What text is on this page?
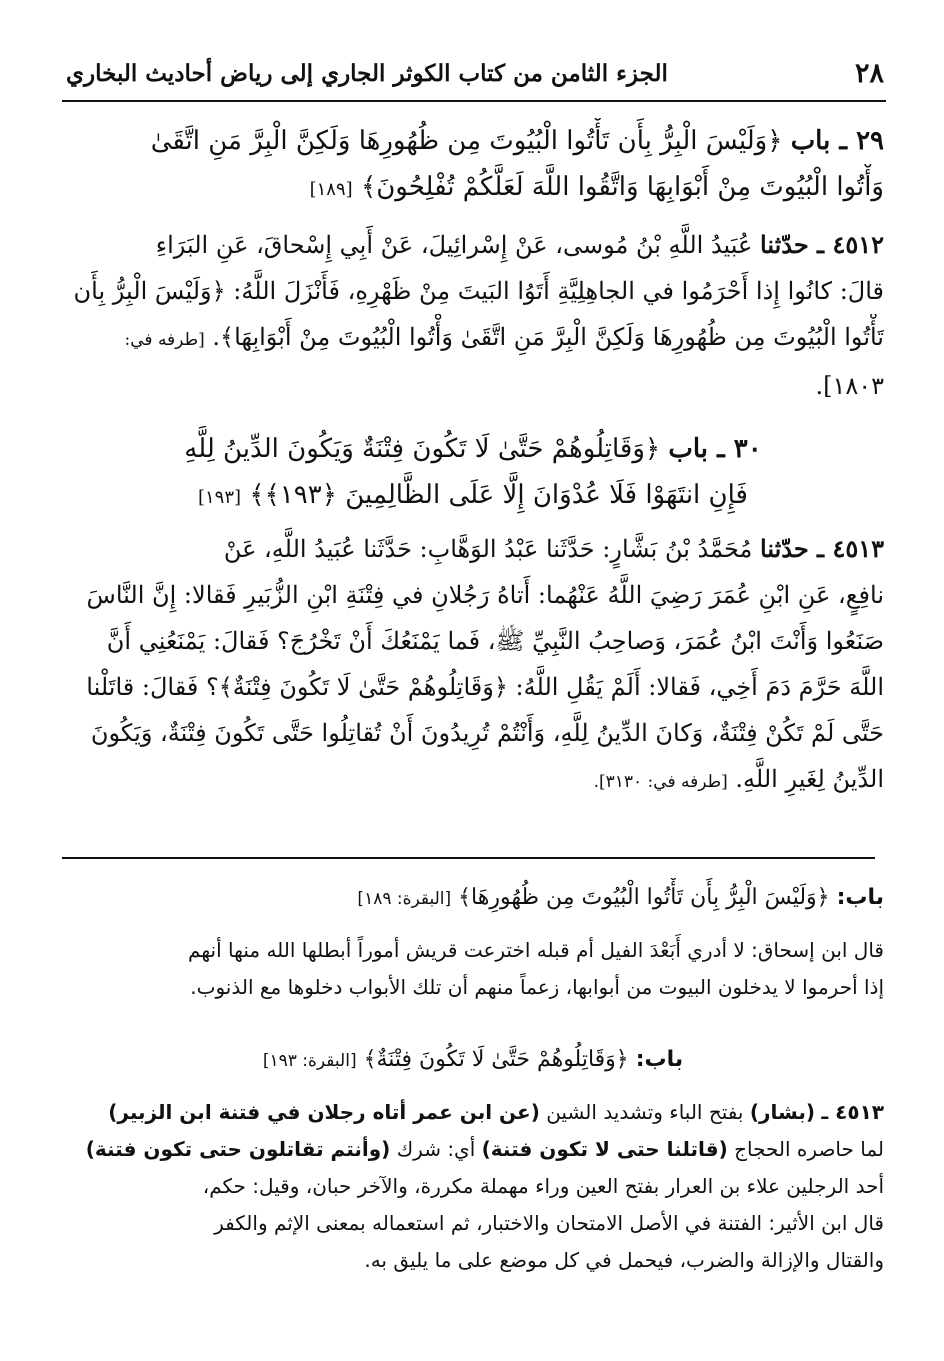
٢٨
الجزء الثامن من كتاب الكوثر الجاري إلى رياض أحاديث البخاري
٢٩ ـ باب ﴿وَلَيْسَ الْبِرُّ بِأَن تَأْتُوا الْبُيُوتَ مِن ظُهُورِهَا وَلَكِنَّ الْبِرَّ مَنِ اتَّقَىٰ
وَأْتُوا الْبُيُوتَ مِنْ أَبْوَابِهَا وَاتَّقُوا اللَّهَ لَعَلَّكُمْ تُفْلِحُونَ﴾ [١٨٩]
٤٥١٢ ـ حدّثنا عُبَيدُ اللَّهِ بْنُ مُوسى، عَنْ إِسْرائِيلَ، عَنْ أَبِي إِسْحاقَ، عَنِ البَرَاءِ
قالَ: كانُوا إِذا أَحْرَمُوا في الجاهِلِيَّةِ أَتَوُا البَيتَ مِنْ ظَهْرِهِ، فَأَنْزَلَ اللَّهُ: ﴿وَلَيْسَ الْبِرُّ بِأَن
تَأْتُوا الْبُيُوتَ مِن ظُهُورِهَا وَلَكِنَّ الْبِرَّ مَنِ اتَّقَىٰ وَأْتُوا الْبُيُوتَ مِنْ أَبْوَابِهَا﴾. [طرفه في:
١٨٠٣].
٣٠ ـ باب ﴿وَقَاتِلُوهُمْ حَتَّىٰ لَا تَكُونَ فِتْنَةٌ وَيَكُونَ الدِّينُ لِلَّهِ
فَإِنِ انتَهَوْا فَلَا عُدْوَانَ إِلَّا عَلَى الظَّالِمِينَ ﴿١٩٣﴾﴾ [١٩٣]
٤٥١٣ ـ حدّثنا مُحَمَّدُ بْنُ بَشَّارٍ: حَدَّثَنا عَبْدُ الوَهَّابِ: حَدَّثَنا عُبَيدُ اللَّهِ، عَنْ
نافِعٍ، عَنِ ابْنِ عُمَرَ رَضِيَ اللَّهُ عَنْهُما: أَتاهُ رَجُلانِ في فِتْنَةِ ابْنِ الزُّبَيرِ فَقالا: إِنَّ النَّاسَ
صَنَعُوا وَأَنْتَ ابْنُ عُمَرَ، وَصاحِبُ النَّبِيِّ ﷺ، فَما يَمْنَعُكَ أَنْ تَخْرُجَ؟ فَقالَ: يَمْنَعُنِي أَنَّ
اللَّهَ حَرَّمَ دَمَ أَخِي، فَقالا: أَلَمْ يَقُلِ اللَّهُ: ﴿وَقَاتِلُوهُمْ حَتَّىٰ لَا تَكُونَ فِتْنَةٌ﴾؟ فَقالَ: قاتَلْنا
حَتَّى لَمْ تَكُنْ فِتْنَةٌ، وَكانَ الدِّينُ لِلَّهِ، وَأَنْتُمْ تُرِيدُونَ أَنْ تُقاتِلُوا حَتَّى تَكُونَ فِتْنَةٌ، وَيَكُونَ
الدِّينُ لِغَيرِ اللَّهِ. [طرفه في: ٣١٣٠].
باب: ﴿وَلَيْسَ الْبِرُّ بِأَن تَأْتُوا الْبُيُوتَ مِن ظُهُورِهَا﴾ [البقرة: ١٨٩]
قال ابن إسحاق: لا أدري أَبَعْدَ الفيل أم قبله اخترعت قريش أموراً أبطلها الله منها أنهم
إذا أحرموا لا يدخلون البيوت من أبوابها، زعماً منهم أن تلك الأبواب دخلوها مع الذنوب.
باب: ﴿وَقَاتِلُوهُمْ حَتَّىٰ لَا تَكُونَ فِتْنَةٌ﴾ [البقرة: ١٩٣]
٤٥١٣ ـ (بشار) بفتح الباء وتشديد الشين (عن ابن عمر أتاه رجلان في فتنة ابن الزبير)
لما حاصره الحجاج (قاتلنا حتى لا تكون فتنة) أي: شرك (وأنتم تقاتلون حتى تكون فتنة)
أحد الرجلين علاء بن العرار بفتح العين وراء مهملة مكررة، والآخر حبان، وقيل: حكم،
قال ابن الأثير: الفتنة في الأصل الامتحان والاختبار، ثم استعماله بمعنى الإثم والكفر
والقتال والإزالة والضرب، فيحمل في كل موضع على ما يليق به.
